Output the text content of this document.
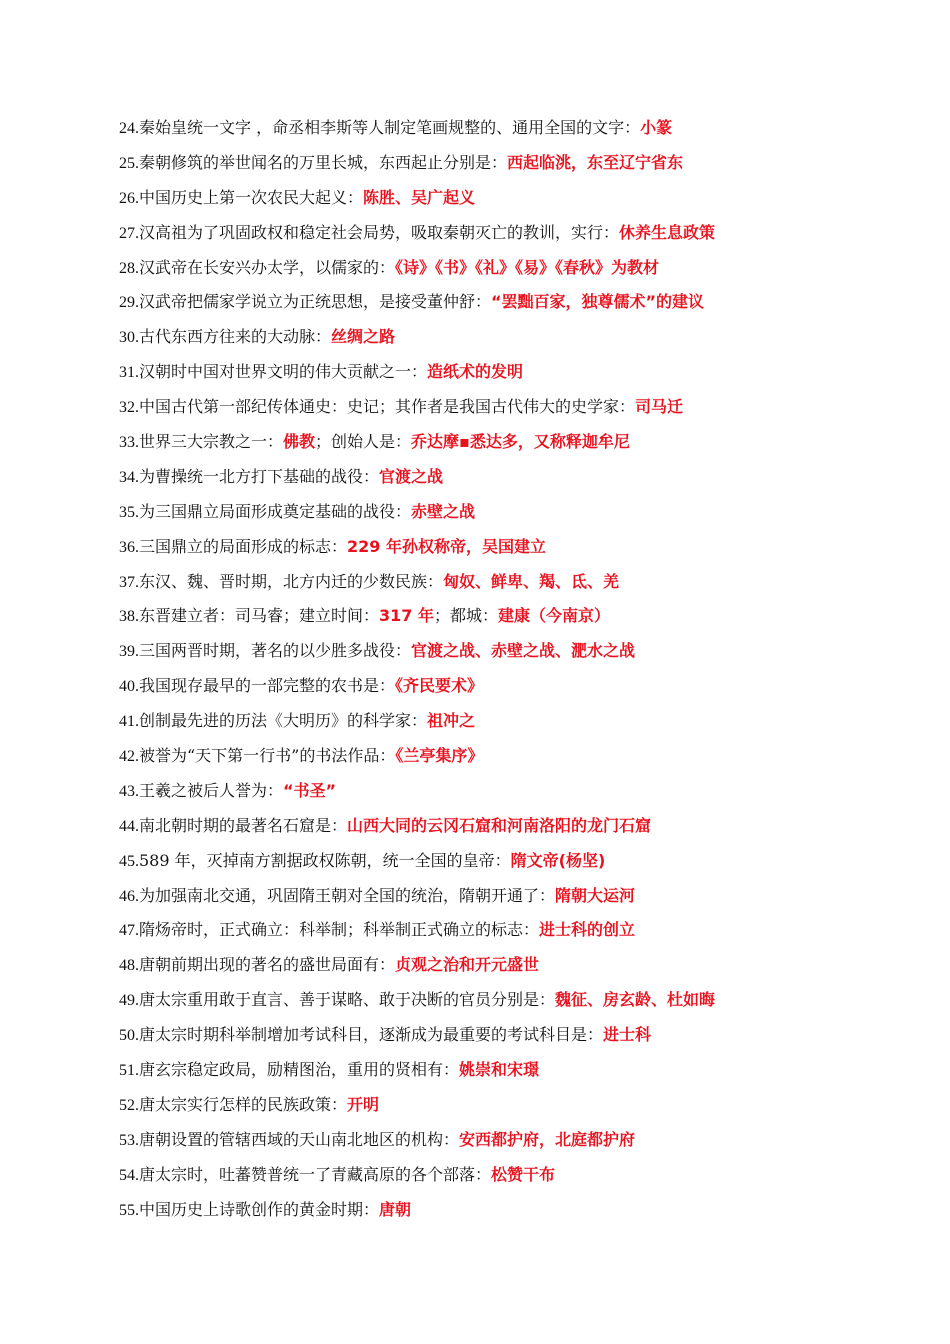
24.秦始皇统一文字 ，命丞相李斯等人制定笔画规整的、通用全国的文字：小篆
25.秦朝修筑的举世闻名的万里长城，东西起止分别是：西起临洮，东至辽宁省东
26.中国历史上第一次农民大起义：陈胜、吴广起义
27.汉高祖为了巩固政权和稳定社会局势，吸取秦朝灭亡的教训，实行：休养生息政策
28.汉武帝在长安兴办太学，以儒家的：《诗》《书》《礼》《易》《春秋》为教材
29.汉武帝把儒家学说立为正统思想，是接受董仲舒：“罢黜百家，独尊儒术”的建议
30.古代东西方往来的大动脉：丝绸之路
31.汉朝时中国对世界文明的伟大贡献之一：造纸术的发明
32.中国古代第一部纪传体通史：史记；其作者是我国古代伟大的史学家：司马迁
33.世界三大宗教之一：佛教；创始人是：乔达摩▪悉达多，又称释迦牟尼
34.为曹操统一北方打下基础的战役：官渡之战
35.为三国鼎立局面形成奠定基础的战役：赤壁之战
36.三国鼎立的局面形成的标志：229 年孙权称帝，吴国建立
37.东汉、魏、晋时期，北方内迁的少数民族：匈奴、鲜卑、羯、氐、羌
38.东晋建立者：司马睿；建立时间：317 年；都城：建康（今南京）
39.三国两晋时期，著名的以少胜多战役：官渡之战、赤壁之战、淝水之战
40.我国现存最早的一部完整的农书是：《齐民要术》
41.创制最先进的历法《大明历》的科学家：祖冲之
42.被誉为“天下第一行书”的书法作品：《兰亭集序》
43.王羲之被后人誉为：“书圣”
44.南北朝时期的最著名石窟是：山西大同的云冈石窟和河南洛阳的龙门石窟
45.589 年，灭掉南方割据政权陈朝，统一全国的皇帝：隋文帝(杨坚)
46.为加强南北交通，巩固隋王朝对全国的统治，隋朝开通了：隋朝大运河
47.隋炀帝时，正式确立：科举制；科举制正式确立的标志：进士科的创立
48.唐朝前期出现的著名的盛世局面有：贞观之治和开元盛世
49.唐太宗重用敢于直言、善于谋略、敢于决断的官员分别是：魏征、房玄龄、杜如晦
50.唐太宗时期科举制增加考试科目，逐渐成为最重要的考试科目是：进士科
51.唐玄宗稳定政局，励精图治，重用的贤相有：姚崇和宋璟
52.唐太宗实行怎样的民族政策：开明
53.唐朝设置的管辖西域的天山南北地区的机构：安西都护府，北庭都护府
54.唐太宗时，吐蕃赞普统一了青藏高原的各个部落：松赞干布
55.中国历史上诗歌创作的黄金时期：唐朝
